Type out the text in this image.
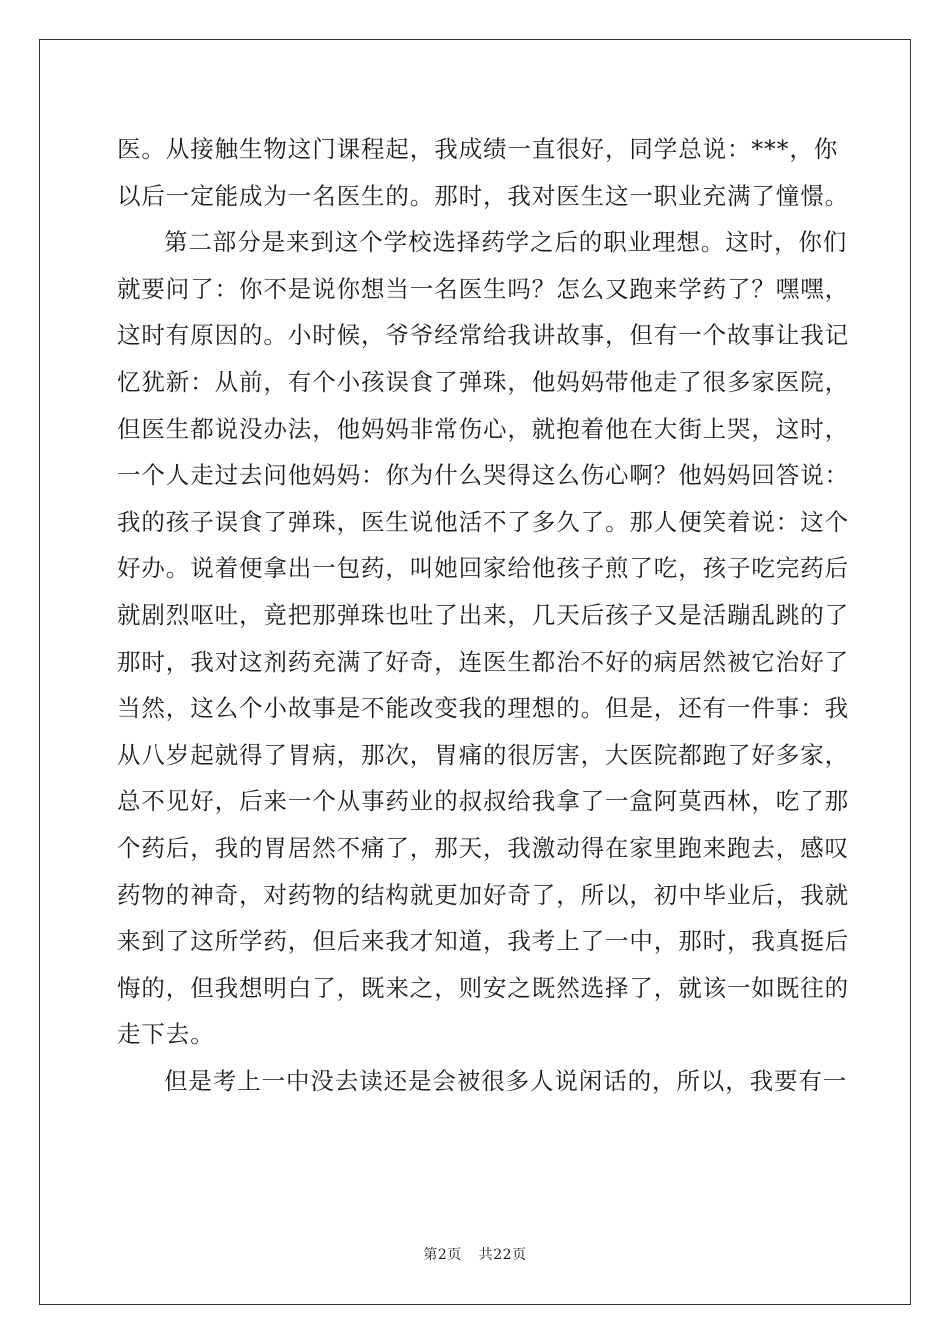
医。从接触生物这门课程起，我成绩一直很好，同学总说：***，你
以后一定能成为一名医生的。那时，我对医生这一职业充满了憧憬。
第二部分是来到这个学校选择药学之后的职业理想。这时，你们
就要问了：你不是说你想当一名医生吗？怎么又跑来学药了？嘿嘿，
这时有原因的。小时候，爷爷经常给我讲故事，但有一个故事让我记
忆犹新：从前，有个小孩误食了弹珠，他妈妈带他走了很多家医院，
但医生都说没办法，他妈妈非常伤心，就抱着他在大街上哭，这时，
一个人走过去问他妈妈：你为什么哭得这么伤心啊？他妈妈回答说：
我的孩子误食了弹珠，医生说他活不了多久了。那人便笑着说：这个
好办。说着便拿出一包药，叫她回家给他孩子煎了吃，孩子吃完药后
就剧烈呕吐，竟把那弹珠也吐了出来，几天后孩子又是活蹦乱跳的了
那时，我对这剂药充满了好奇，连医生都治不好的病居然被它治好了
当然，这么个小故事是不能改变我的理想的。但是，还有一件事：我
从八岁起就得了胃病，那次，胃痛的很厉害，大医院都跑了好多家，
总不见好，后来一个从事药业的叔叔给我拿了一盒阿莫西林，吃了那
个药后，我的胃居然不痛了，那天，我激动得在家里跑来跑去，感叹
药物的神奇，对药物的结构就更加好奇了，所以，初中毕业后，我就
来到了这所学药，但后来我才知道，我考上了一中，那时，我真挺后
悔的，但我想明白了，既来之，则安之既然选择了，就该一如既往的
走下去。
但是考上一中没去读还是会被很多人说闲话的，所以，我要有一
第2页 共22页
